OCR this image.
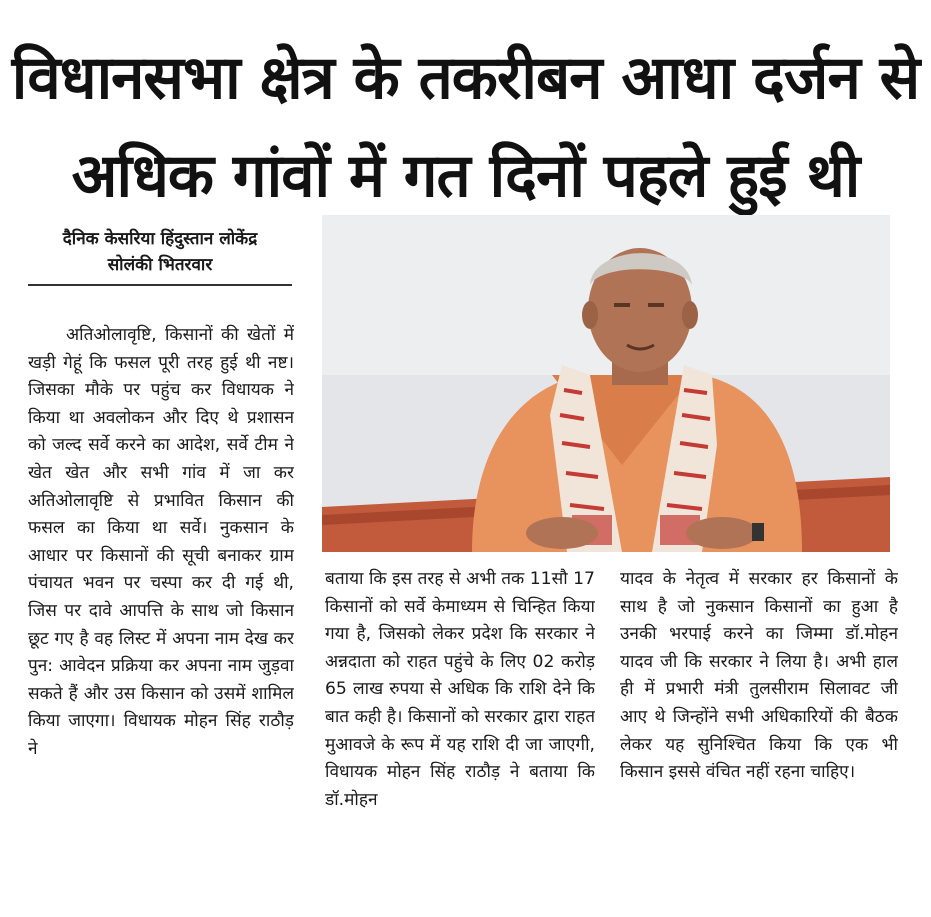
विधानसभा क्षेत्र के तकरीबन आधा दर्जन से
अधिक गांवों में गत दिनों पहले हुई थी
दैनिक केसरिया हिंदुस्तान लोकेंद्र
सोलंकी भितरवार
अतिओलावृष्टि, किसानों की खेतों में खड़ी गेहूं कि फसल पूरी तरह हुई थी नष्ट। जिसका मौके पर पहुंच कर विधायक ने किया था अवलोकन और दिए थे प्रशासन को जल्द सर्वे करने का आदेश, सर्वे टीम ने खेत खेत और सभी गांव में जा कर अतिओलावृष्टि से प्रभावित किसान की फसल का किया था सर्वे। नुकसान के आधार पर किसानों की सूची बनाकर ग्राम पंचायत भवन पर चस्पा कर दी गई थी, जिस पर दावे आपत्ति के साथ जो किसान छूट गए है वह लिस्ट में अपना नाम देख कर पुन: आवेदन प्रक्रिया कर अपना नाम जुड़वा सकते हैं और उस किसान को उसमें शामिल किया जाएगा। विधायक मोहन सिंह राठौड़ ने
बताया कि इस तरह से अभी तक 11सौ 17 किसानों को सर्वे केमाध्यम से चिन्हित किया गया है, जिसको लेकर प्रदेश कि सरकार ने अन्नदाता को राहत पहुंचे के लिए 02 करोड़ 65 लाख रुपया से अधिक कि राशि देने कि बात कही है। किसानों को सरकार द्वारा राहत मुआवजे के रूप में यह राशि दी जा जाएगी, विधायक मोहन सिंह राठौड़ ने बताया कि डॉ.मोहन
यादव के नेतृत्व में सरकार हर किसानों के साथ है जो नुकसान किसानों का हुआ है उनकी भरपाई करने का जिम्मा डॉ.मोहन यादव जी कि सरकार ने लिया है। अभी हाल ही में प्रभारी मंत्री तुलसीराम सिलावट जी आए थे जिन्होंने सभी अधिकारियों की बैठक लेकर यह सुनिश्चित किया कि एक भी किसान इससे वंचित नहीं रहना चाहिए।
